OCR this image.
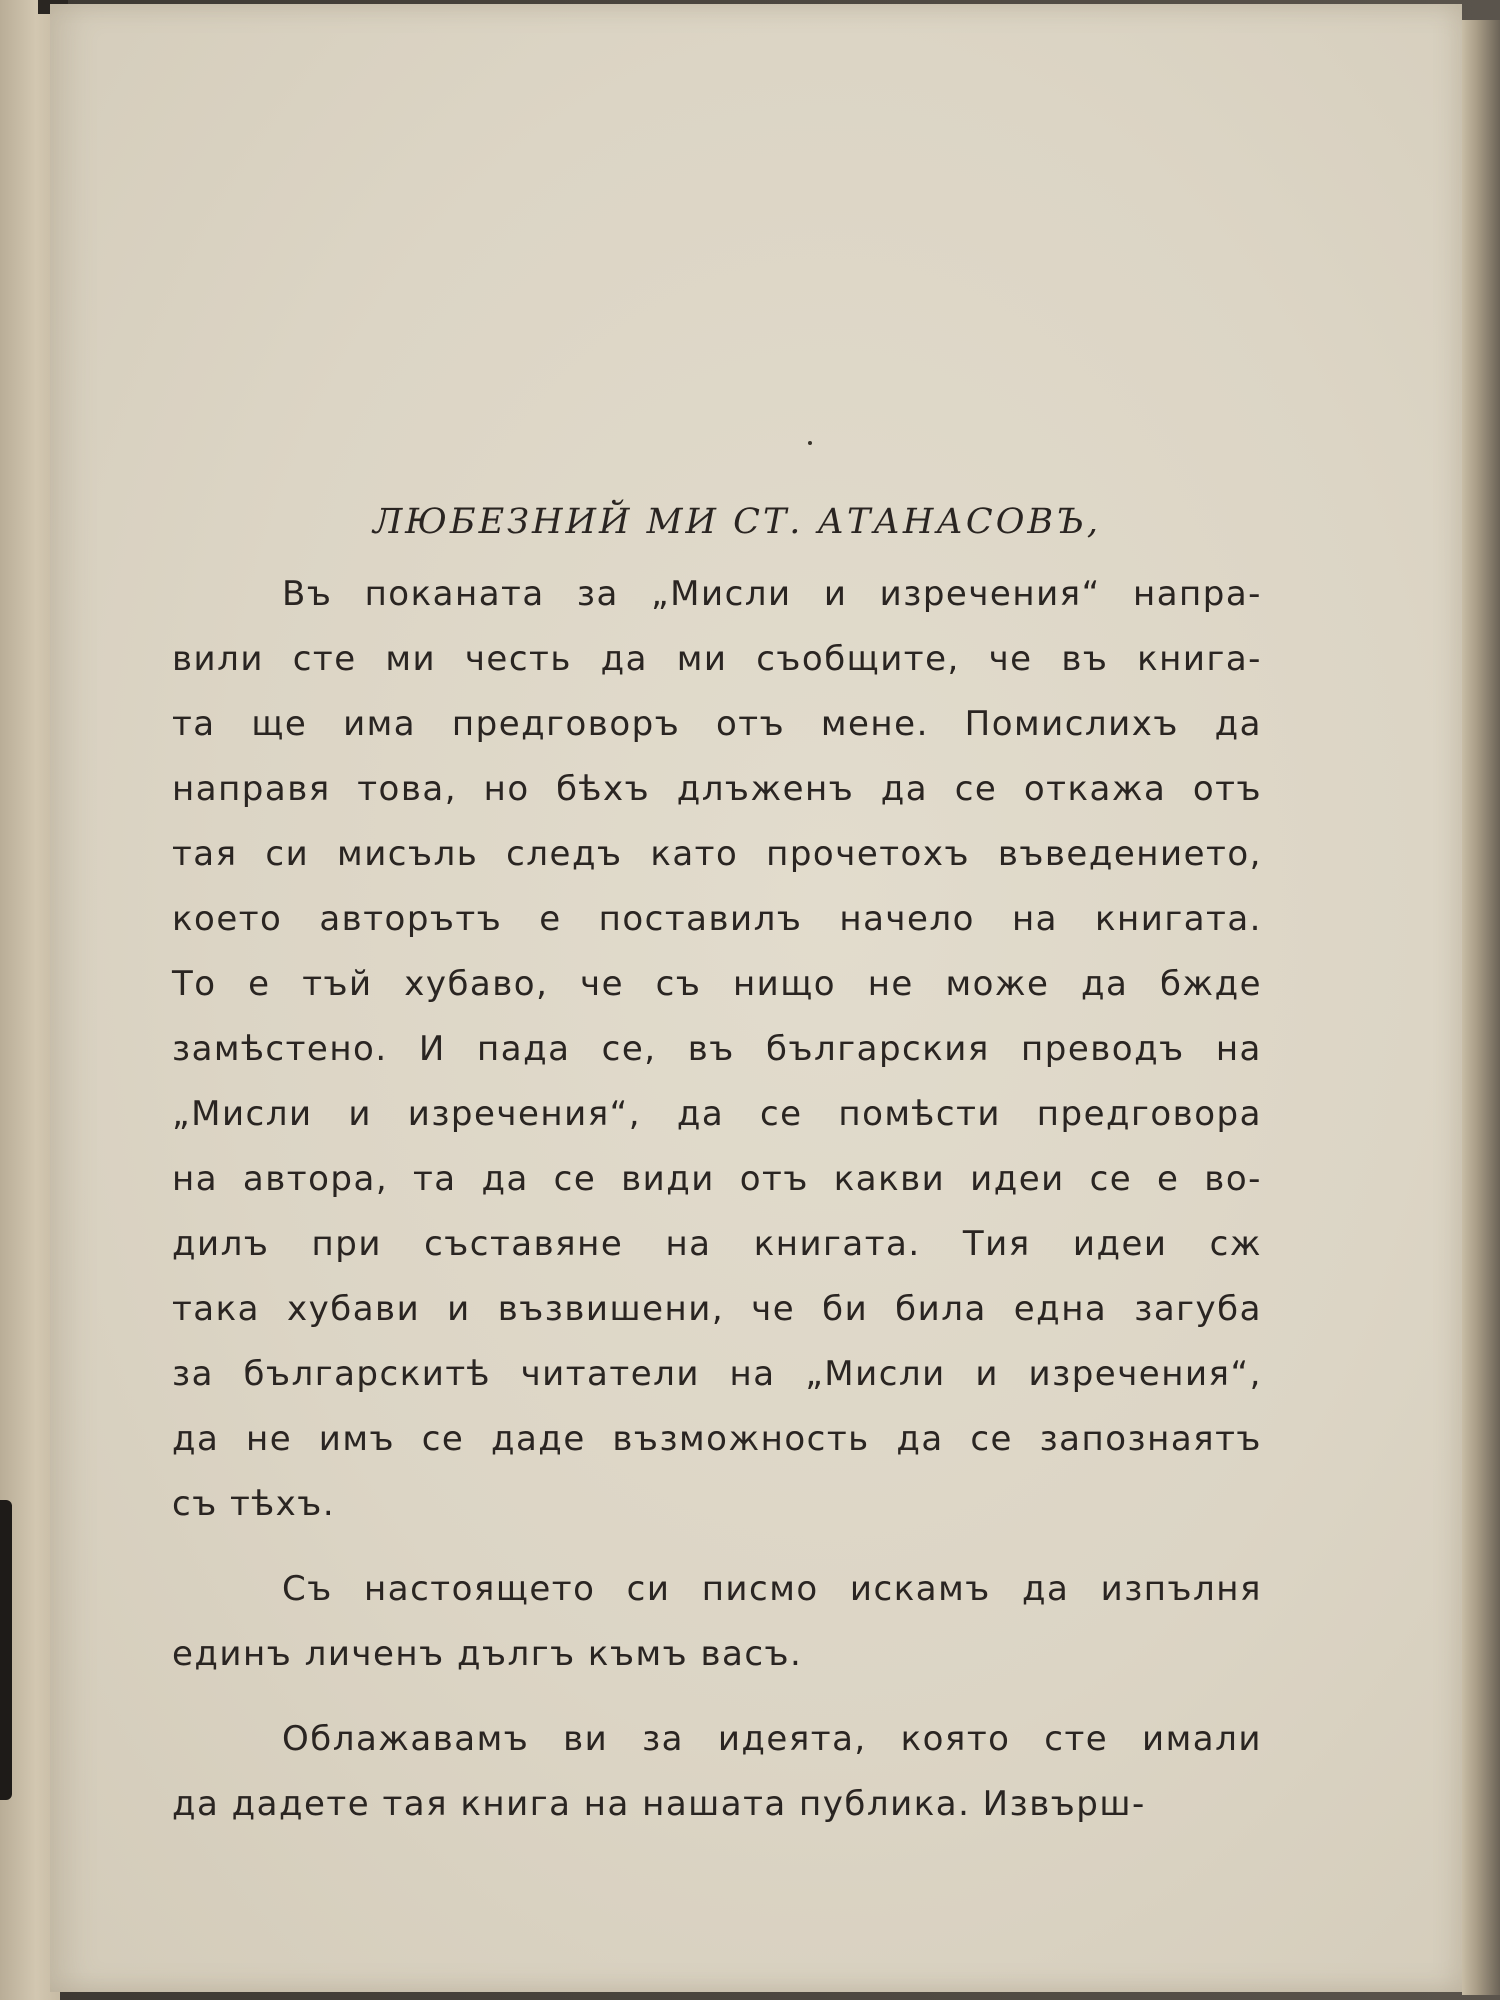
ЛЮБЕЗНИЙ МИ СТ. АТАНАСОВЪ,
Въ поканата за „Мисли и изречения“ напра-
вили сте ми честь да ми съобщите, че въ книга-
та ще има предговоръ отъ мене. Помислихъ да
направя това, но бѣхъ длъженъ да се откажа отъ
тая си мисъль следъ като прочетохъ въведението,
което авторътъ е поставилъ начело на книгата.
То е тъй хубаво, че съ нищо не може да бжде
замѣстено. И пада се, въ българския преводъ на
„Мисли и изречения“, да се помѣсти предговора
на автора, та да се види отъ какви идеи се е во-
дилъ при съставяне на книгата. Тия идеи сж
така хубави и възвишени, че би била една загуба
за българскитѣ читатели на „Мисли и изречения“,
да не имъ се даде възможность да се запознаятъ
съ тѣхъ.
Съ настоящето си писмо искамъ да изпълня
единъ личенъ дългъ къмъ васъ.
Облажавамъ ви за идеята, която сте имали
да дадете тая книга на нашата публика. Извърш-
